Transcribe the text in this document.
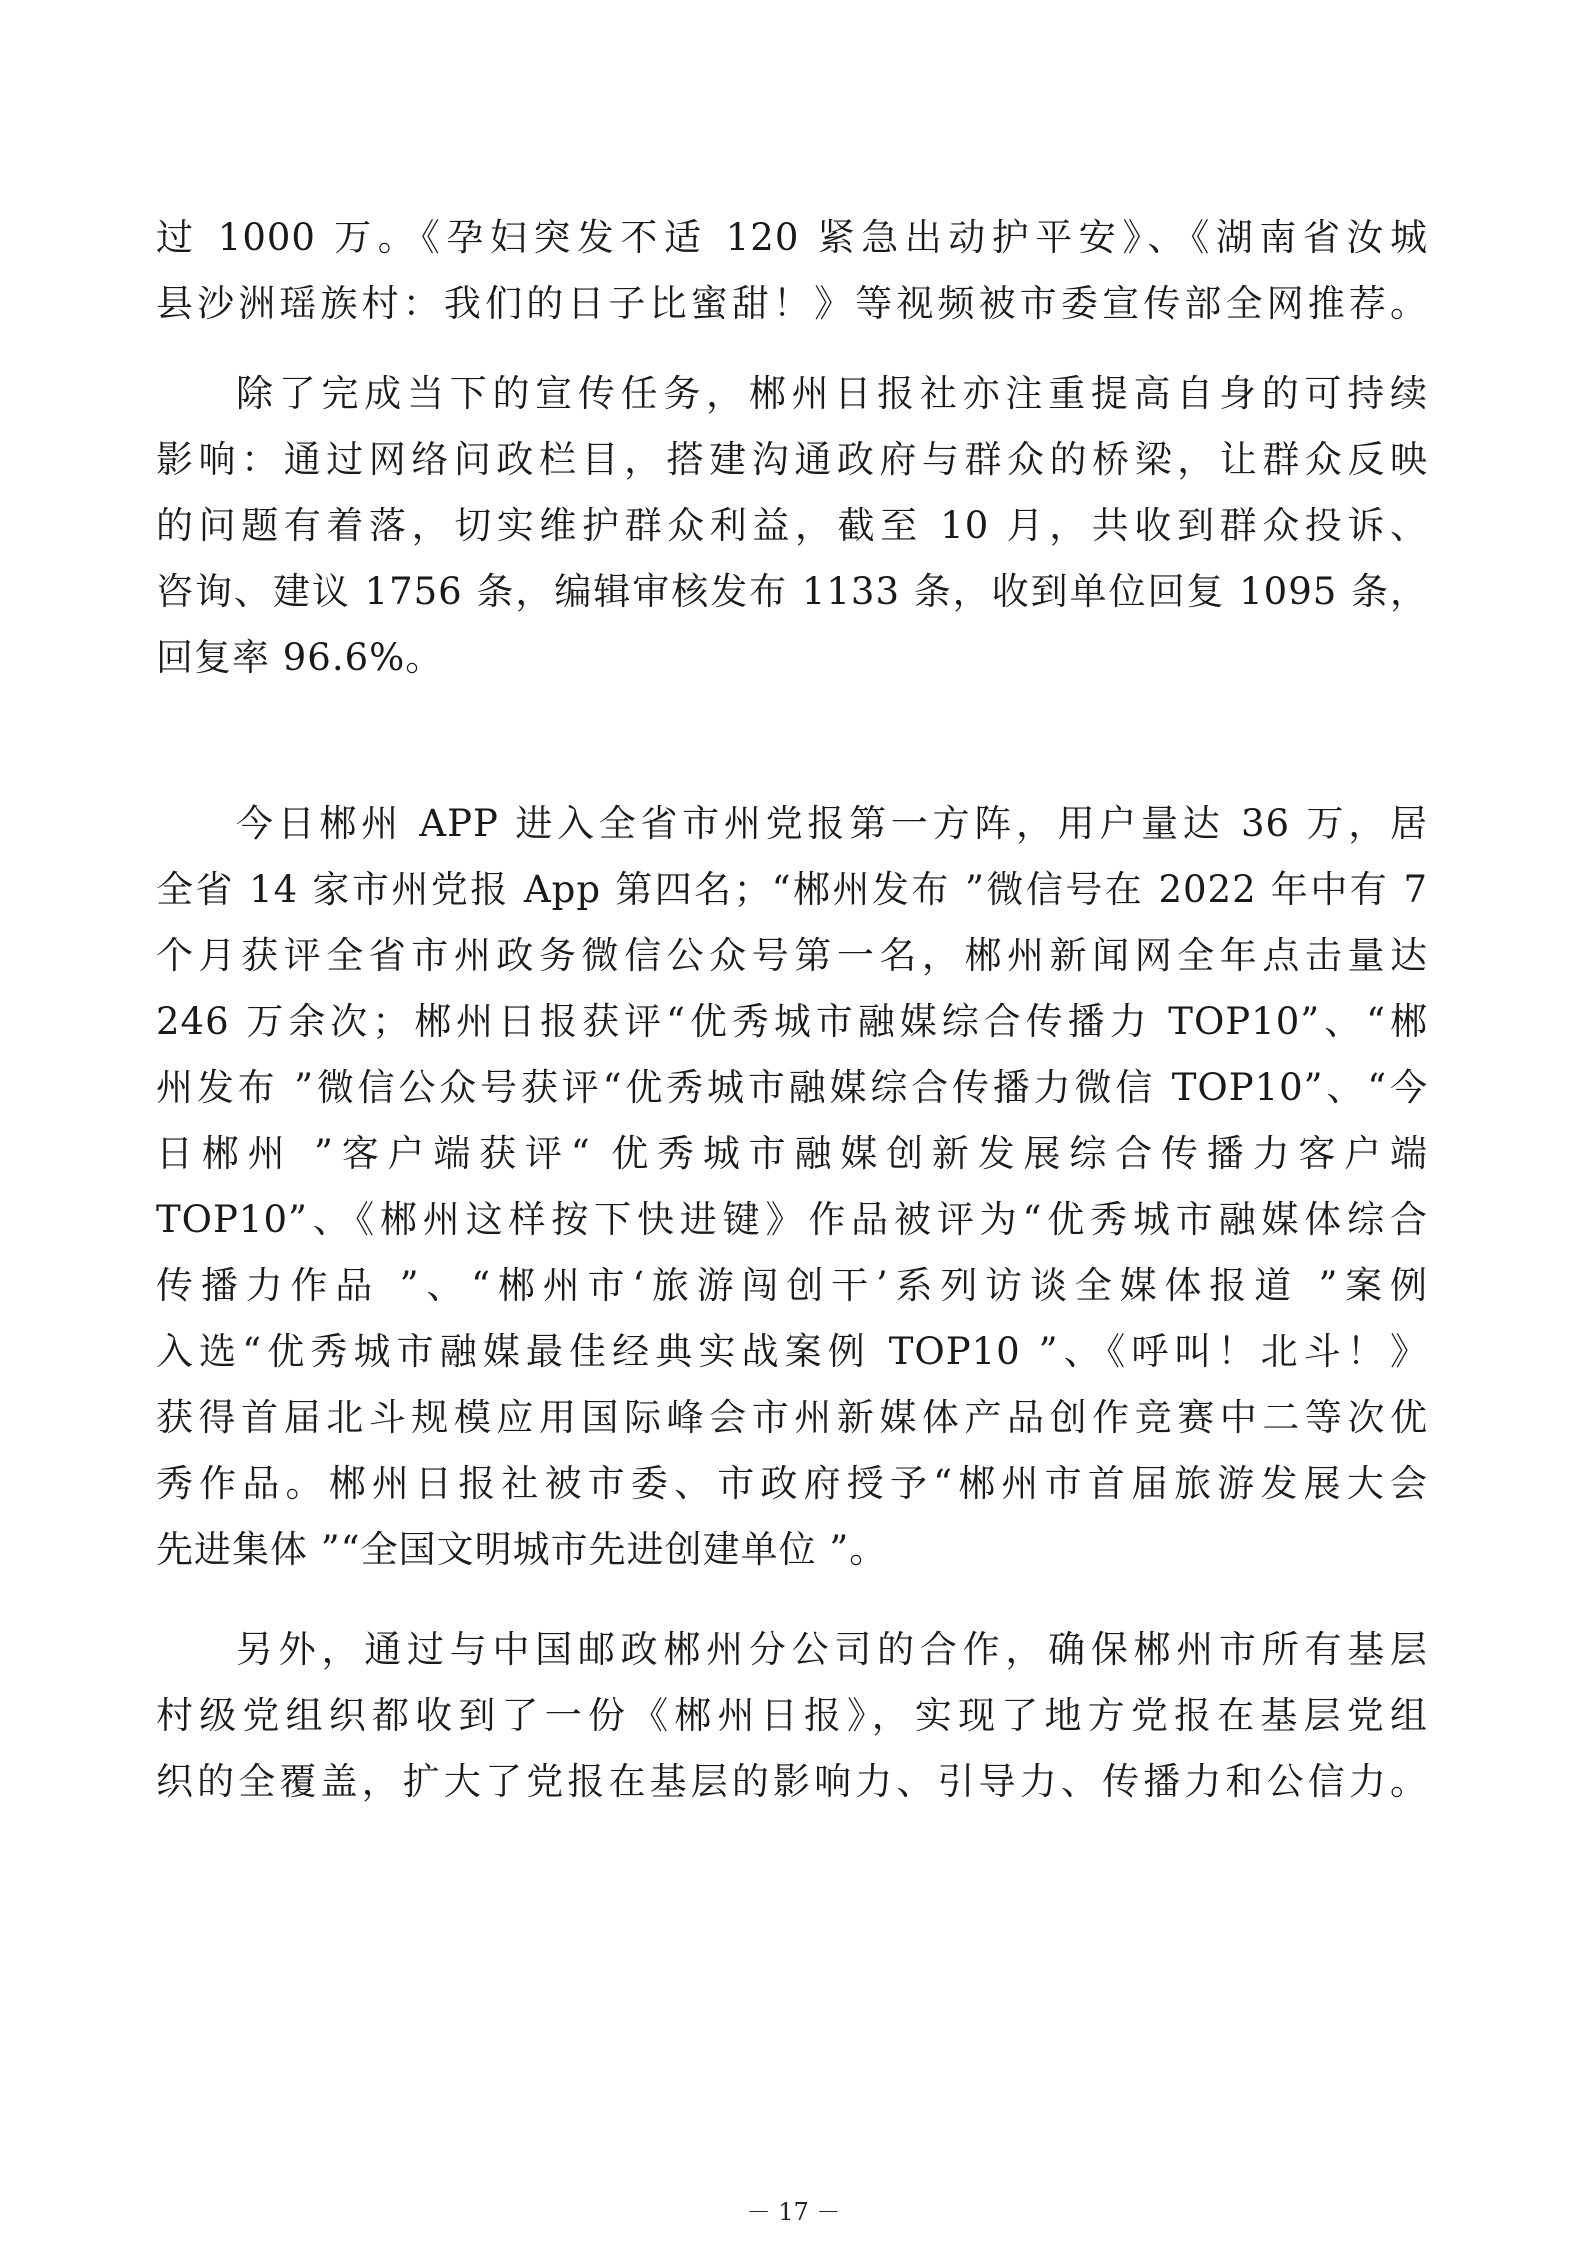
过 1000 万。《孕妇突发不适 120 紧急出动护平安》、《湖南省汝城
县沙洲瑶族村：我们的日子比蜜甜！》等视频被市委宣传部全网推荐。
除了完成当下的宣传任务，郴州日报社亦注重提高自身的可持续
影响：通过网络问政栏目，搭建沟通政府与群众的桥梁，让群众反映
的问题有着落，切实维护群众利益，截至 10 月，共收到群众投诉、
咨询、建议 1756 条，编辑审核发布 1133 条，收到单位回复 1095 条，
回复率 96.6%。
今日郴州 APP 进入全省市州党报第一方阵，用户量达 36 万，居
全省 14 家市州党报 App 第四名；“郴州发布 ”微信号在 2022 年中有 7
个月获评全省市州政务微信公众号第一名，郴州新闻网全年点击量达
246 万余次；郴州日报获评“优秀城市融媒综合传播力 TOP10”、“郴
州发布 ”微信公众号获评“优秀城市融媒综合传播力微信 TOP10”、“今
日郴州 ”客户端获评“ 优秀城市融媒创新发展综合传播力客户端
TOP10”、《郴州这样按下快进键》作品被评为“优秀城市融媒体综合
传播力作品 ”、“郴州市‘旅游闯创干’系列访谈全媒体报道 ”案例
入选“优秀城市融媒最佳经典实战案例 TOP10 ”、《呼叫！北斗！》
获得首届北斗规模应用国际峰会市州新媒体产品创作竞赛中二等次优
秀作品。郴州日报社被市委、市政府授予“郴州市首届旅游发展大会
先进集体 ”“全国文明城市先进创建单位 ”。
另外，通过与中国邮政郴州分公司的合作，确保郴州市所有基层
村级党组织都收到了一份《郴州日报》，实现了地方党报在基层党组
织的全覆盖，扩大了党报在基层的影响力、引导力、传播力和公信力。
－ 17 －
